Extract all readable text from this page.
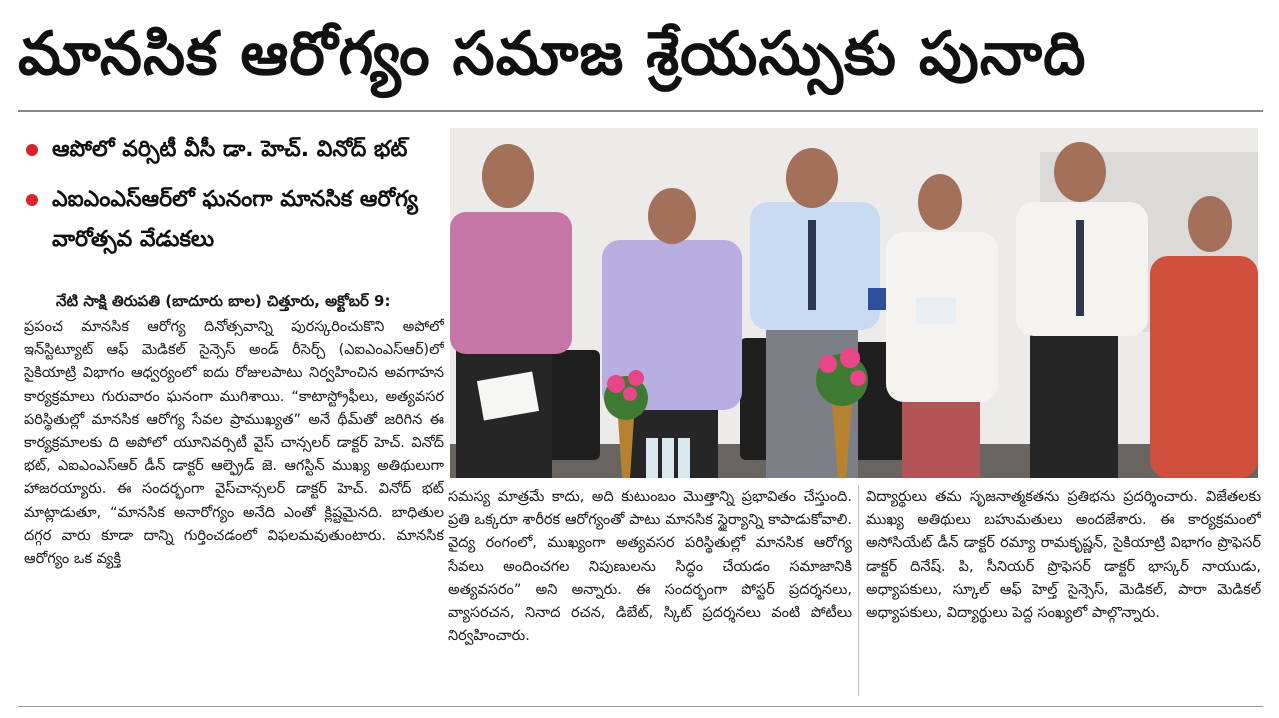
మానసిక ఆరోగ్యం సమాజ శ్రేయస్సుకు పునాది
ఆపోలో వర్సిటీ వీసీ డా. హెచ్. వినోద్ భట్
ఎఐఎంఎస్ఆర్‌లో ఘనంగా మానసిక ఆరోగ్య వారోత్సవ వేడుకలు
నేటి సాక్షి తిరుపతి (బాదూరు బాల) చిత్తూరు, అక్టోబర్ 9:
ప్రపంచ మానసిక ఆరోగ్య దినోత్సవాన్ని పురస్కరించుకొని అపోలో ఇన్‌స్టిట్యూట్ ఆఫ్ మెడికల్ సైన్సెస్ అండ్ రీసెర్చ్ (ఎఐఎంఎస్ఆర్)లో సైకియాట్రి విభాగం ఆధ్వర్యంలో ఐదు రోజులపాటు నిర్వహించిన అవగాహన కార్యక్రమాలు గురువారం ఘనంగా ముగిశాయి. “కాటాస్ట్రోఫీలు, అత్యవసర పరిస్థితుల్లో మానసిక ఆరోగ్య సేవల ప్రాముఖ్యత” అనే థీమ్‌తో జరిగిన ఈ కార్యక్రమాలకు ది అపోలో యూనివర్సిటీ వైస్ చాన్సలర్ డాక్టర్ హెచ్. వినోద్ భట్, ఎఐఎంఎస్ఆర్ డీన్ డాక్టర్ ఆల్ఫ్రెడ్ జె. ఆగస్టిన్ ముఖ్య అతిథులుగా హాజరయ్యారు. ఈ సందర్భంగా వైస్‌చాన్సలర్ డాక్టర్ హెచ్. వినోద్ భట్ మాట్లాడుతూ, “మానసిక అనారోగ్యం అనేది ఎంతో క్లిష్టమైనది. బాధితుల దగ్గర వారు కూడా దాన్ని గుర్తించడంలో విఫలమవుతుంటారు. మానసిక ఆరోగ్యం ఒక వ్యక్తి
సమస్య మాత్రమే కాదు, అది కుటుంబం మొత్తాన్ని ప్రభావితం చేస్తుంది. ప్రతి ఒక్కరూ శారీరక ఆరోగ్యంతో పాటు మానసిక స్థైర్యాన్ని కాపాడుకోవాలి. వైద్య రంగంలో, ముఖ్యంగా అత్యవసర పరిస్థితుల్లో మానసిక ఆరోగ్య సేవలు అందించగల నిపుణులను సిద్ధం చేయడం సమాజానికి అత్యవసరం” అని అన్నారు. ఈ సందర్భంగా పోస్టర్ ప్రదర్శనలు, వ్యాసరచన, నినాద రచన, డిబేట్, స్కిట్ ప్రదర్శనలు వంటి పోటీలు నిర్వహించారు.
విద్యార్థులు తమ సృజనాత్మకతను ప్రతిభను ప్రదర్శించారు. విజేతలకు ముఖ్య అతిథులు బహుమతులు అందజేశారు. ఈ కార్యక్రమంలో అసోసియేట్ డీన్ డాక్టర్ రమ్యా రామకృష్ణన్, సైకియాట్రి విభాగం ప్రొఫెసర్ డాక్టర్ దినేష్. పి, సీనియర్ ప్రొఫెసర్ డాక్టర్ భాస్కర్ నాయుడు, అధ్యాపకులు, స్కూల్ ఆఫ్ హెల్త్ సైన్సెస్, మెడికల్, పారా మెడికల్ అధ్యాపకులు, విద్యార్థులు పెద్ద సంఖ్యలో పాల్గొన్నారు.
